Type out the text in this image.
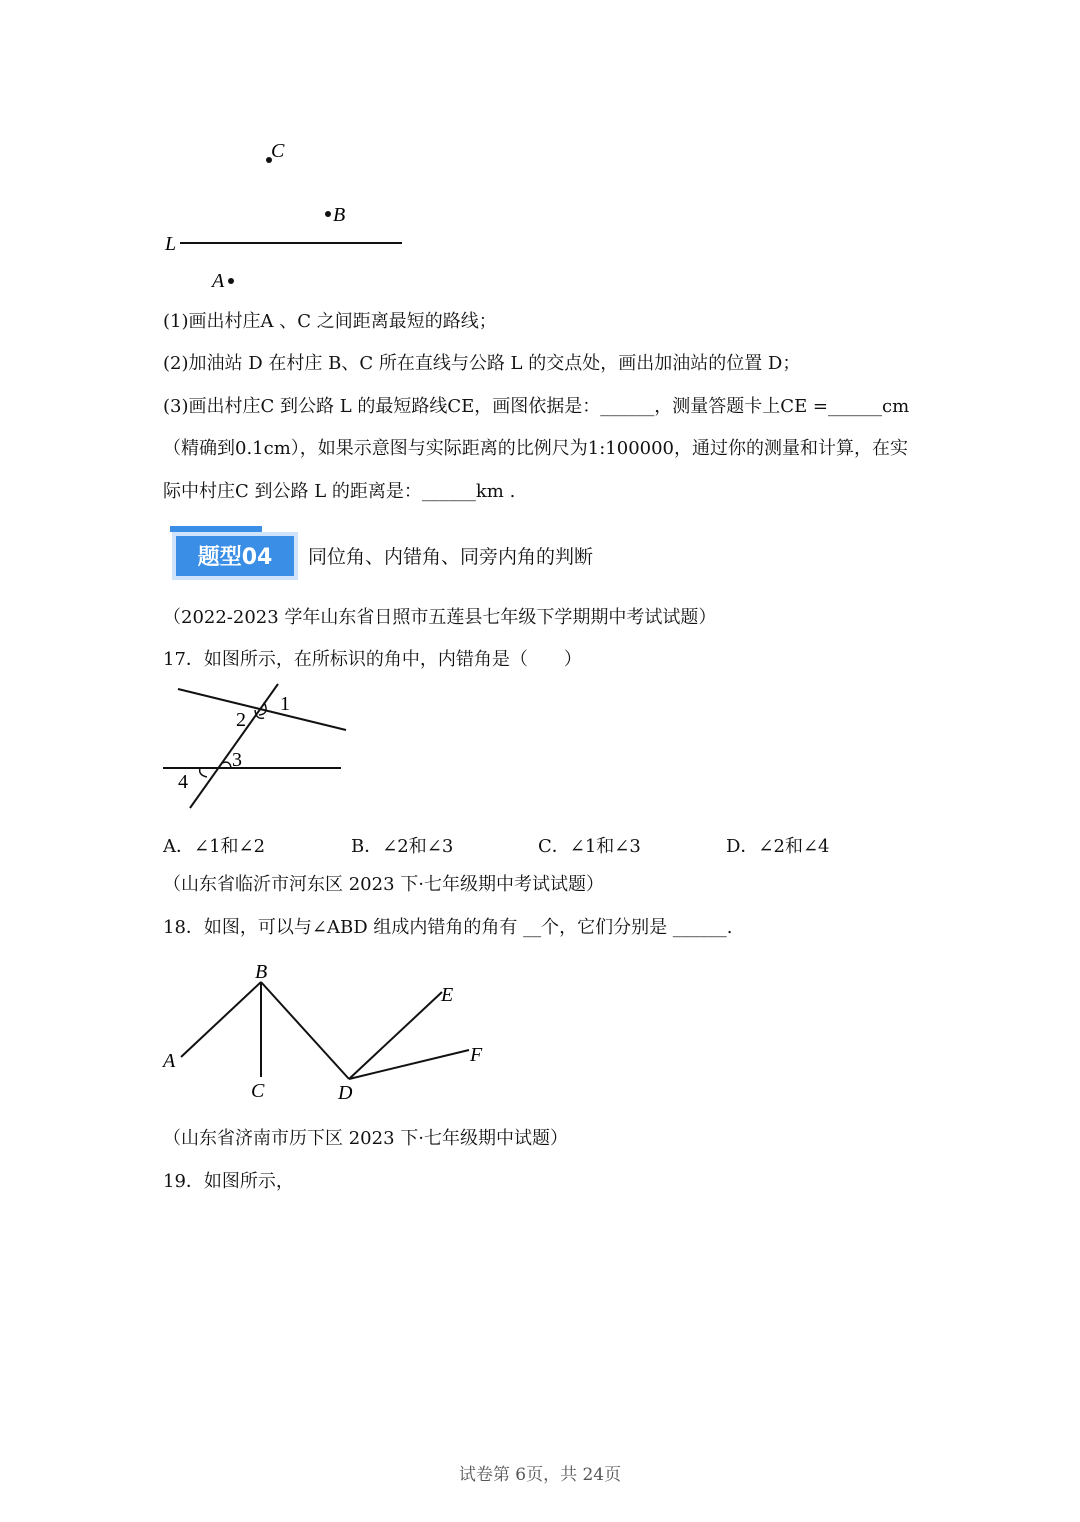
C
B
L
A
(1)画出村庄A 、C 之间距离最短的路线；
(2)加油站 D 在村庄 B、C 所在直线与公路 L 的交点处，画出加油站的位置 D；
(3)画出村庄C 到公路 L 的最短路线CE，画图依据是：______，测量答题卡上CE =______cm
（精确到0.1cm），如果示意图与实际距离的比例尺为1:100000，通过你的测量和计算，在实
际中村庄C 到公路 L 的距离是：______km .
题型04 同位角、内错角、同旁内角的判断
（2022-2023 学年山东省日照市五莲县七年级下学期期中考试试题）
17．如图所示，在所标识的角中，内错角是（　　）
1
2
3
4
A．∠1和∠2	B．∠2和∠3	C．∠1和∠3	D．∠2和∠4
（山东省临沂市河东区 2023 下·七年级期中考试试题）
18．如图，可以与∠ABD 组成内错角的角有 __个，它们分别是 ______.
B
A
C	D
E
F
（山东省济南市历下区 2023 下·七年级期中试题）
19．如图所示，
试卷第 6页，共 24页
